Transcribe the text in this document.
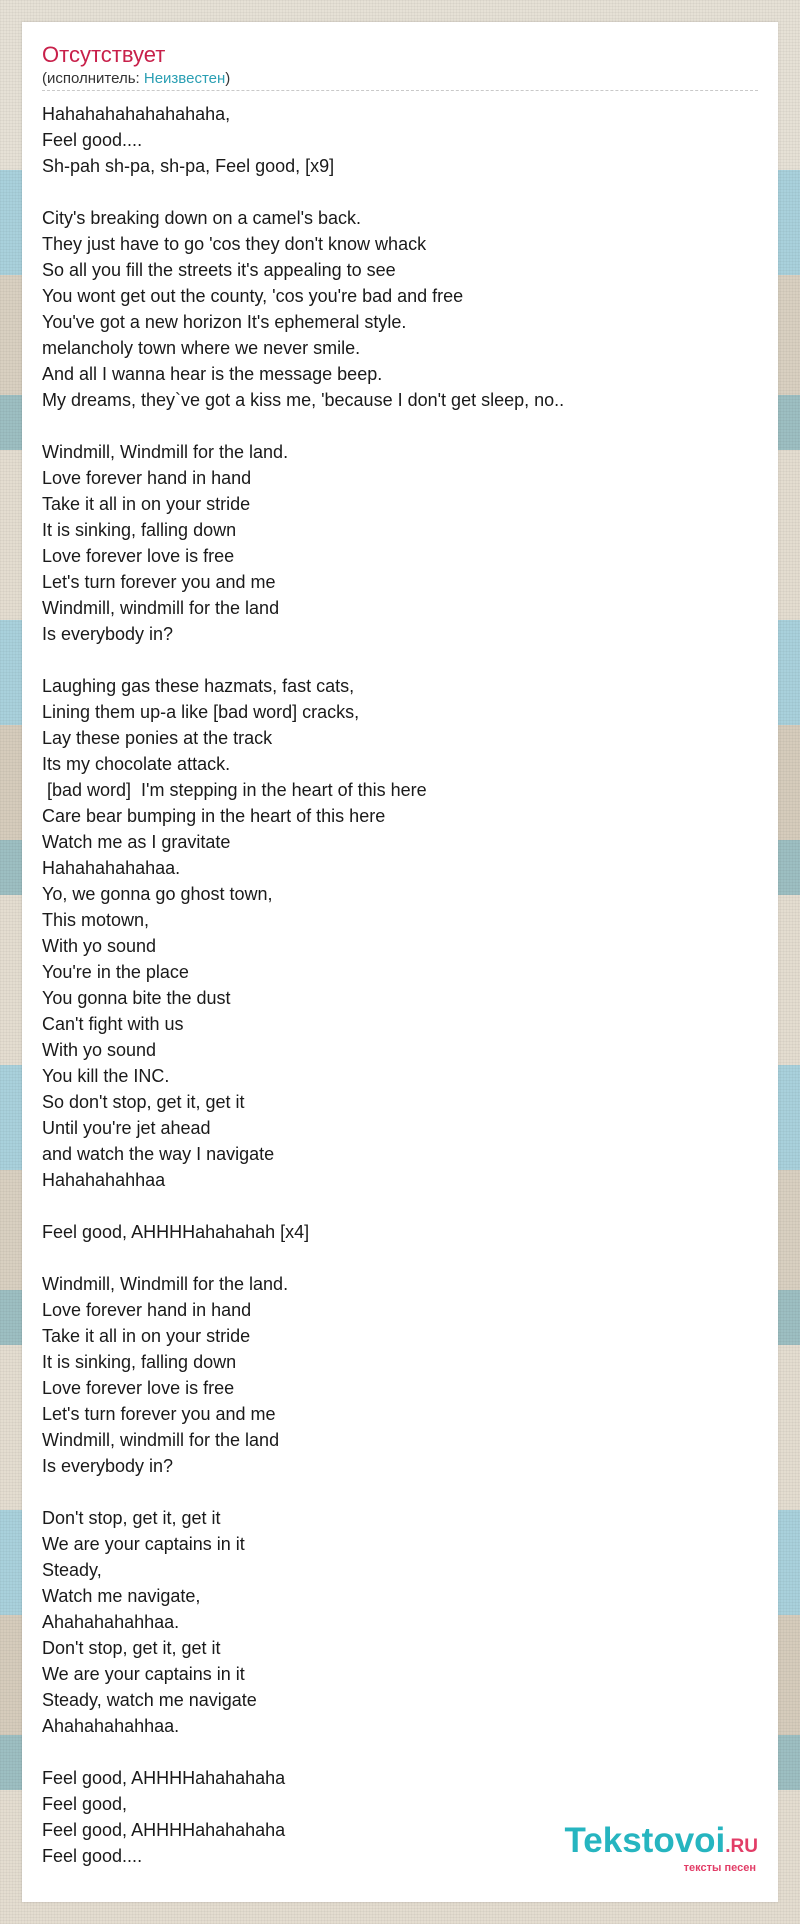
Отсутствует
(исполнитель: Неизвестен)
Hahahahahahahahaha,
Feel good....
Sh-pah sh-pa, sh-pa, Feel good, [x9]
City's breaking down on a camel's back.
They just have to go 'cos they don't know whack
So all you fill the streets it's appealing to see
You wont get out the county, 'cos you're bad and free
You've got a new horizon It's ephemeral style.
melancholy town where we never smile.
And all I wanna hear is the message beep.
My dreams, they`ve got a kiss me, 'because I don't get sleep, no..
Windmill, Windmill for the land.
Love forever hand in hand
Take it all in on your stride
It is sinking, falling down
Love forever love is free
Let's turn forever you and me
Windmill, windmill for the land
Is everybody in?
Laughing gas these hazmats, fast cats,
Lining them up-a like [bad word] cracks,
Lay these ponies at the track
Its my chocolate attack.
[bad word]  I'm stepping in the heart of this here
Care bear bumping in the heart of this here
Watch me as I gravitate
Hahahahahahaa.
Yo, we gonna go ghost town,
This motown,
With yo sound
You're in the place
You gonna bite the dust
Can't fight with us
With yo sound
You kill the INC.
So don't stop, get it, get it
Until you're jet ahead
and watch the way I navigate
Hahahahahhaa
Feel good, AHHHHahahahah [x4]
Windmill, Windmill for the land.
Love forever hand in hand
Take it all in on your stride
It is sinking, falling down
Love forever love is free
Let's turn forever you and me
Windmill, windmill for the land
Is everybody in?
Don't stop, get it, get it
We are your captains in it
Steady,
Watch me navigate,
Ahahahahahhaa.
Don't stop, get it, get it
We are your captains in it
Steady, watch me navigate
Ahahahahahhaa.
Feel good, AHHHHahahahaha
Feel good,
Feel good, AHHHHahahahaha
Feel good....	Tekstovoi.RU
тексты песен
